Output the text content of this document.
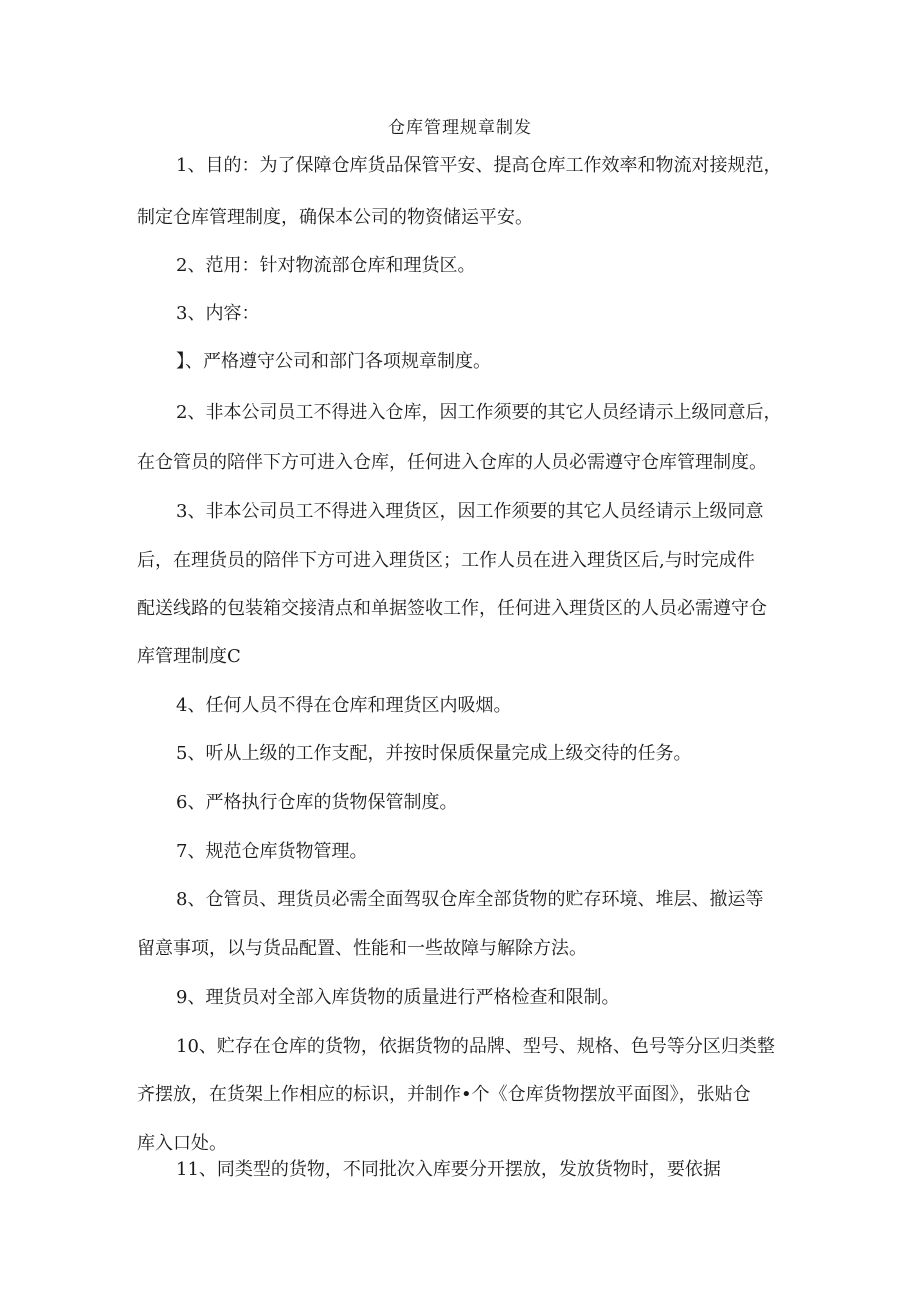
仓库管理规章制发
1、目的：为了保障仓库货品保管平安、提高仓库工作效率和物流对接规范，
制定仓库管理制度，确保本公司的物资储运平安。
2、范用：针对物流部仓库和理货区。
3、内容：
】、严格遵守公司和部门各项规章制度。
2、非本公司员工不得进入仓库，因工作须要的其它人员经请示上级同意后，
在仓管员的陪伴下方可进入仓库，任何进入仓库的人员必需遵守仓库管理制度。
3、非本公司员工不得进入理货区，因工作须要的其它人员经请示上级同意
后，在理货员的陪伴下方可进入理货区；工作人员在进入理货区后,与时完成件
配送线路的包装箱交接清点和单据签收工作，任何进入理货区的人员必需遵守仓
库管理制度C
4、任何人员不得在仓库和理货区内吸烟。
5、听从上级的工作支配，并按时保质保量完成上级交待的任务。
6、严格执行仓库的货物保管制度。
7、规范仓库货物管理。
8、仓管员、理货员必需全面驾驭仓库全部货物的贮存环境、堆层、撤运等
留意事项，以与货品配置、性能和一些故障与解除方法。
9、理货员对全部入库货物的质量进行严格检查和限制。
10、贮存在仓库的货物，依据货物的品牌、型号、规格、色号等分区归类整
齐摆放，在货架上作相应的标识，并制作•个《仓库货物摆放平面图》，张贴仓
库入口处。
11、同类型的货物，不同批次入库要分开摆放，发放货物时，要依据
